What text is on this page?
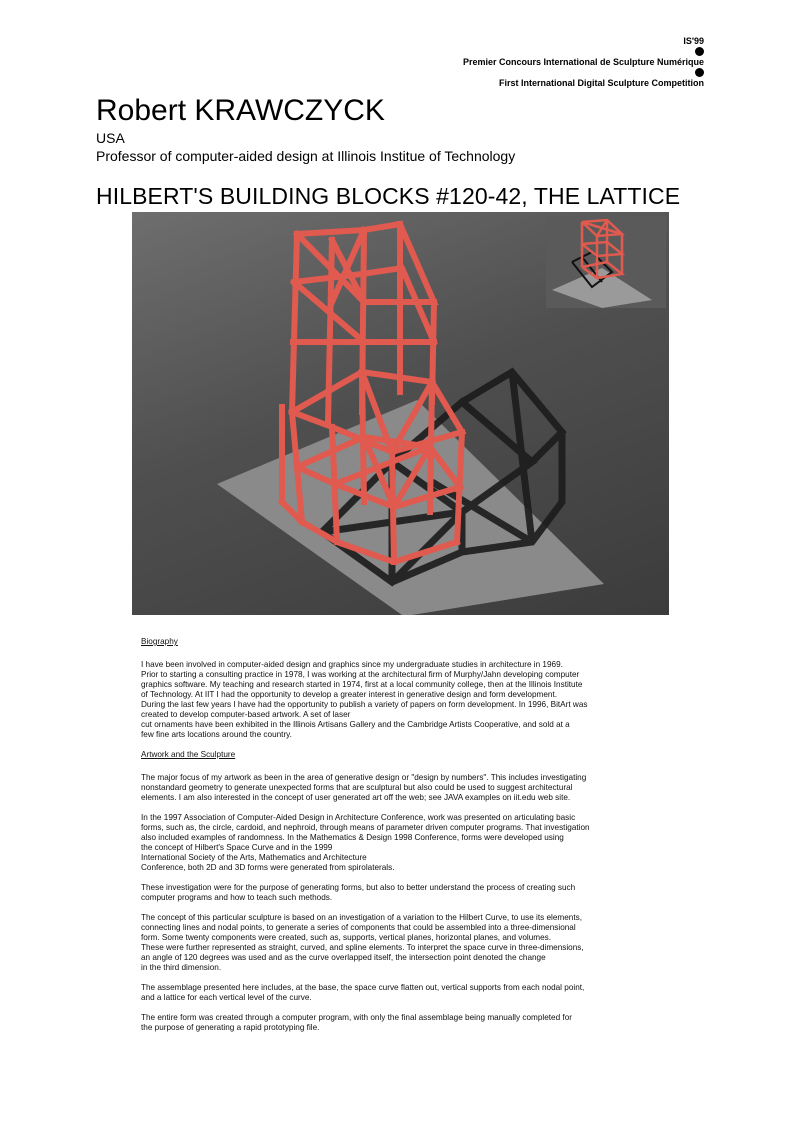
IS'99
Premier Concours International de Sculpture Numérique
First International Digital Sculpture Competition
Robert KRAWCZYCK
USA
Professor of computer-aided design at Illinois Institue of Technology
HILBERT'S BUILDING BLOCKS #120-42, THE LATTICE
Biography
I have been involved in computer-aided design and graphics since my undergraduate studies in architecture in 1969.
Prior to starting a consulting practice in 1978, I was working at the architectural firm of Murphy/Jahn developing computer
graphics software. My teaching and research started in 1974, first at a local community college, then at the Illinois Institute
of Technology. At IIT I had the opportunity to develop a greater interest in generative design and form development.
During the last few years I have had the opportunity to publish a variety of papers on form development. In 1996, BitArt was
created to develop computer-based artwork. A set of laser
cut ornaments have been exhibited in the Illinois Artisans Gallery and the Cambridge Artists Cooperative, and sold at a
few fine arts locations around the country.
Artwork and the Sculpture
The major focus of my artwork as been in the area of generative design or "design by numbers". This includes investigating
nonstandard geometry to generate unexpected forms that are sculptural but also could be used to suggest architectural
elements. I am also interested in the concept of user generated art off the web; see JAVA examples on iit.edu web site.
In the 1997 Association of Computer-Aided Design in Architecture Conference, work was presented on articulating basic
forms, such as, the circle, cardoid, and nephroid, through means of parameter driven computer programs. That investigation
also included examples of randomness. In the Mathematics & Design 1998 Conference, forms were developed using
the concept of Hilbert's Space Curve and in the 1999
International Society of the Arts, Mathematics and Architecture
Conference, both 2D and 3D forms were generated from spirolaterals.
These investigation were for the purpose of generating forms, but also to better understand the process of creating such
computer programs and how to teach such methods.
The concept of this particular sculpture is based on an investigation of a variation to the Hilbert Curve, to use its elements,
connecting lines and nodal points, to generate a series of components that could be assembled into a three-dimensional
form. Some twenty components were created, such as, supports, vertical planes, horizontal planes, and volumes.
These were further represented as straight, curved, and spline elements. To interpret the space curve in three-dimensions,
an angle of 120 degrees was used and as the curve overlapped itself, the intersection point denoted the change
in the third dimension.
The assemblage presented here includes, at the base, the space curve flatten out, vertical supports from each nodal point,
and a lattice for each vertical level of the curve.
The entire form was created through a computer program, with only the final assemblage being manually completed for
the purpose of generating a rapid prototyping file.
